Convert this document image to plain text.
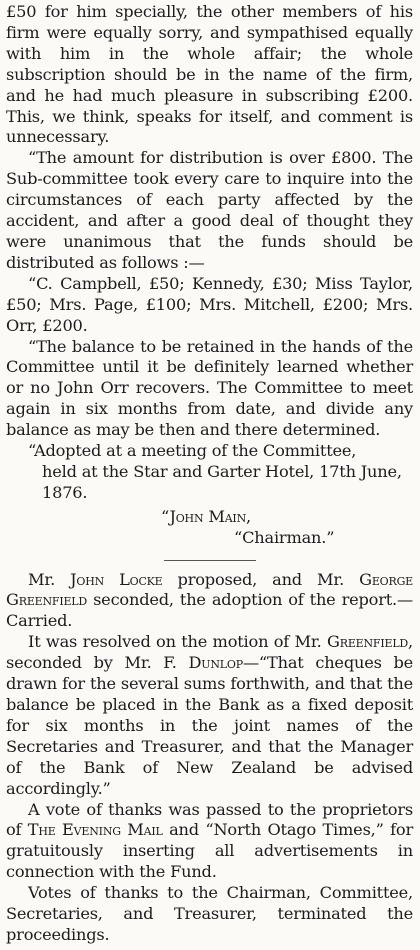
£50 for him specially, the other members of his firm were equally sorry, and sympathised equally with him in the whole affair; the whole subscription should be in the name of the firm, and he had much pleasure in subscribing £200. This, we think, speaks for itself, and comment is unnecessary.

“The amount for distribution is over £800. The Sub-committee took every care to inquire into the circumstances of each party affected by the accident, and after a good deal of thought they were unanimous that the funds should be distributed as follows :—

“C. Campbell, £50; Kennedy, £30; Miss Taylor, £50; Mrs. Page, £100; Mrs. Mitchell, £200; Mrs. Orr, £200.

“The balance to be retained in the hands of the Committee until it be definitely learned whether or no John Orr recovers. The Committee to meet again in six months from date, and divide any balance as may be then and there determined.

“Adopted at a meeting of the Committee,

held at the Star and Garter Hotel, 17th June, 1876.

“John Main,

“Chairman.”

Mr. John Locke proposed, and Mr. George Greenfield seconded, the adoption of the report.—Carried.

It was resolved on the motion of Mr. Greenfield, seconded by Mr. F. Dunlop—“That cheques be drawn for the several sums forthwith, and that the balance be placed in the Bank as a fixed deposit for six months in the joint names of the Secretaries and Treasurer, and that the Manager of the Bank of New Zealand be advised accordingly.”

A vote of thanks was passed to the proprietors of The Evening Mail and “North Otago Times,” for gratuitously inserting all advertisements in connection with the Fund.

Votes of thanks to the Chairman, Committee, Secretaries, and Treasurer, terminated the proceedings.
